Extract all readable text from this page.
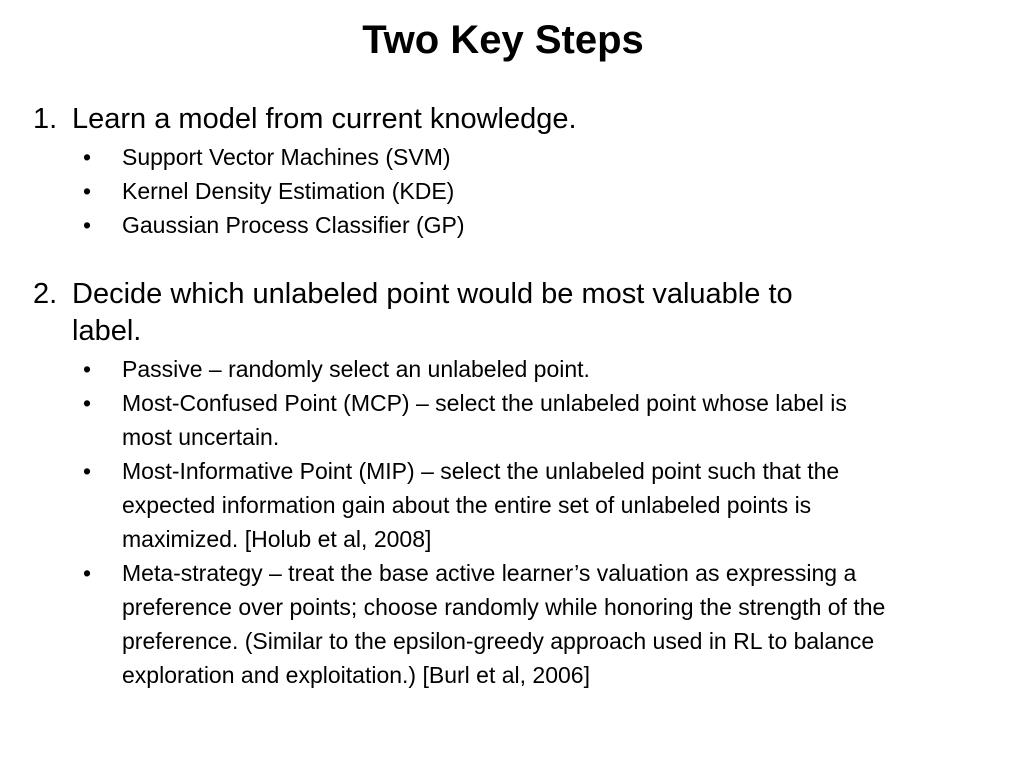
Two Key Steps
1. Learn a model from current knowledge.
• Support Vector Machines (SVM)
• Kernel Density Estimation (KDE)
• Gaussian Process Classifier (GP)
2. Decide which unlabeled point would be most valuable to label.
• Passive – randomly select an unlabeled point.
• Most-Confused Point (MCP) – select the unlabeled point whose label is most uncertain.
• Most-Informative Point (MIP) – select the unlabeled point such that the expected information gain about the entire set of unlabeled points is maximized. [Holub et al, 2008]
• Meta-strategy – treat the base active learner’s valuation as expressing a preference over points; choose randomly while honoring the strength of the preference. (Similar to the epsilon-greedy approach used in RL to balance exploration and exploitation.) [Burl et al, 2006]
